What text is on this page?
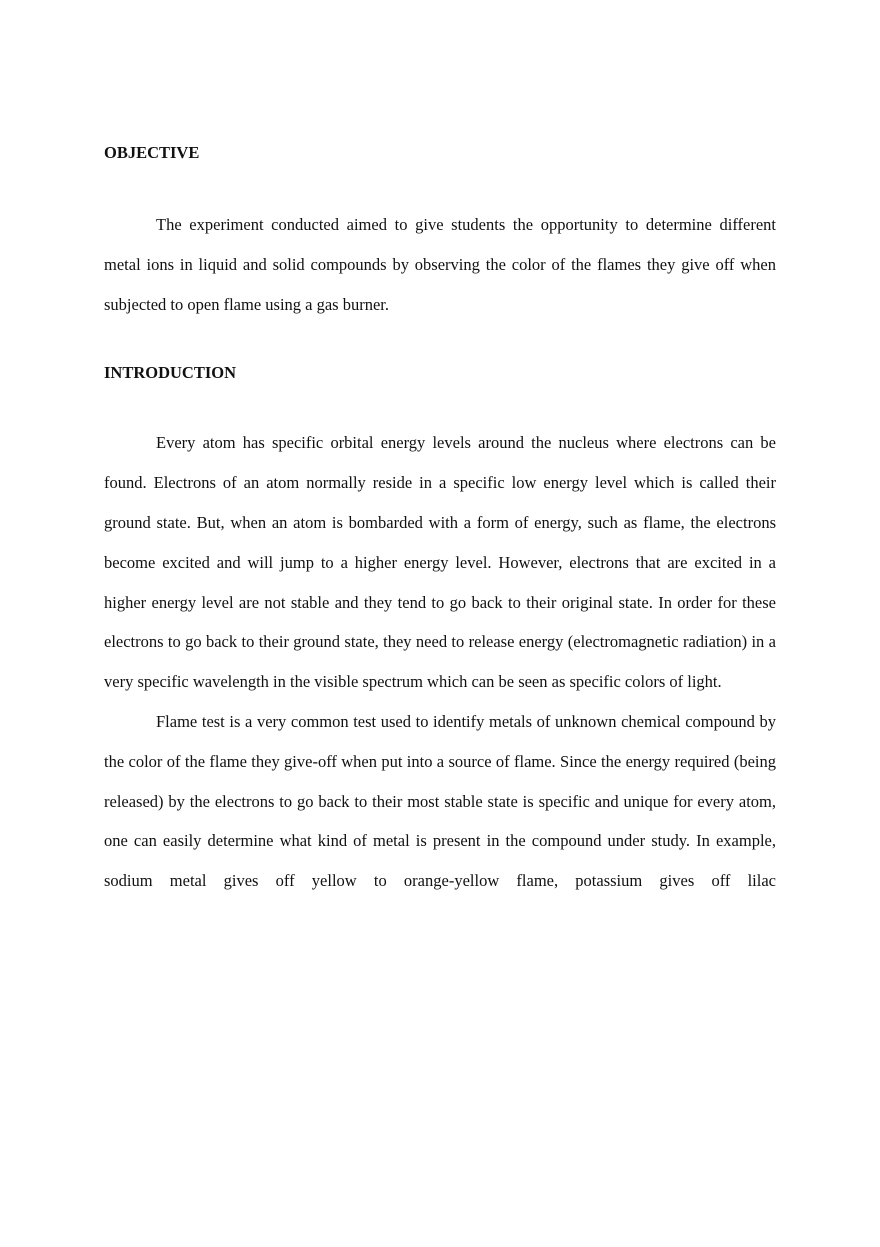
OBJECTIVE

The experiment conducted aimed to give students the opportunity to determine different metal ions in liquid and solid compounds by observing the color of the flames they give off when subjected to open flame using a gas burner.

INTRODUCTION

Every atom has specific orbital energy levels around the nucleus where electrons can be found. Electrons of an atom normally reside in a specific low energy level which is called their ground state. But, when an atom is bombarded with a form of energy, such as flame, the electrons become excited and will jump to a higher energy level. However, electrons that are excited in a higher energy level are not stable and they tend to go back to their original state. In order for these electrons to go back to their ground state, they need to release energy (electromagnetic radiation) in a very specific wavelength in the visible spectrum which can be seen as specific colors of light.

Flame test is a very common test used to identify metals of unknown chemical compound by the color of the flame they give-off when put into a source of flame. Since the energy required (being released) by the electrons to go back to their most stable state is specific and unique for every atom, one can easily determine what kind of metal is present in the compound under study. In example, sodium metal gives off yellow to orange-yellow flame, potassium gives off lilac
